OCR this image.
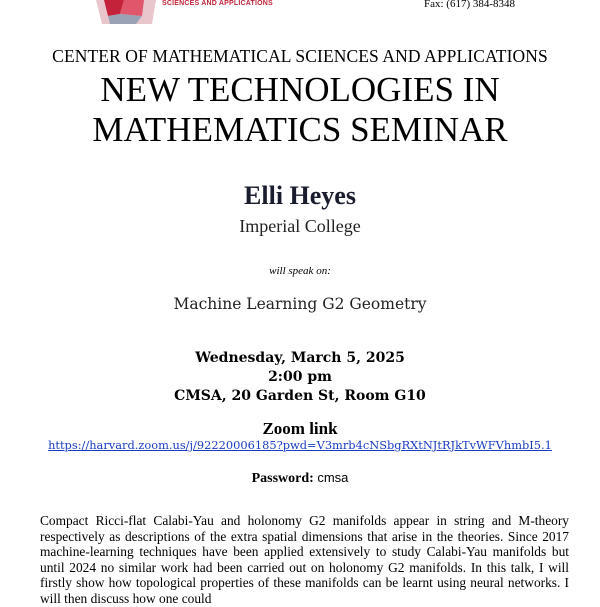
SCIENCES AND APPLICATIONS	Fax: (617) 384-8348
CENTER OF MATHEMATICAL SCIENCES AND APPLICATIONS
NEW TECHNOLOGIES IN MATHEMATICS SEMINAR
Elli Heyes
Imperial College
will speak on:
Machine Learning G2 Geometry
Wednesday, March 5, 2025
2:00 pm
CMSA, 20 Garden St, Room G10
Zoom link
https://harvard.zoom.us/j/92220006185?pwd=V3mrb4cNSbgRXtNJtRJkTvWFVhmbI5.1
Password: cmsa
Compact Ricci-flat Calabi-Yau and holonomy G2 manifolds appear in string and M-theory respectively as descriptions of the extra spatial dimensions that arise in the theories. Since 2017 machine-learning techniques have been applied extensively to study Calabi-Yau manifolds but until 2024 no similar work had been carried out on holonomy G2 manifolds. In this talk, I will firstly show how topological properties of these manifolds can be learnt using neural networks. I will then discuss how one could
